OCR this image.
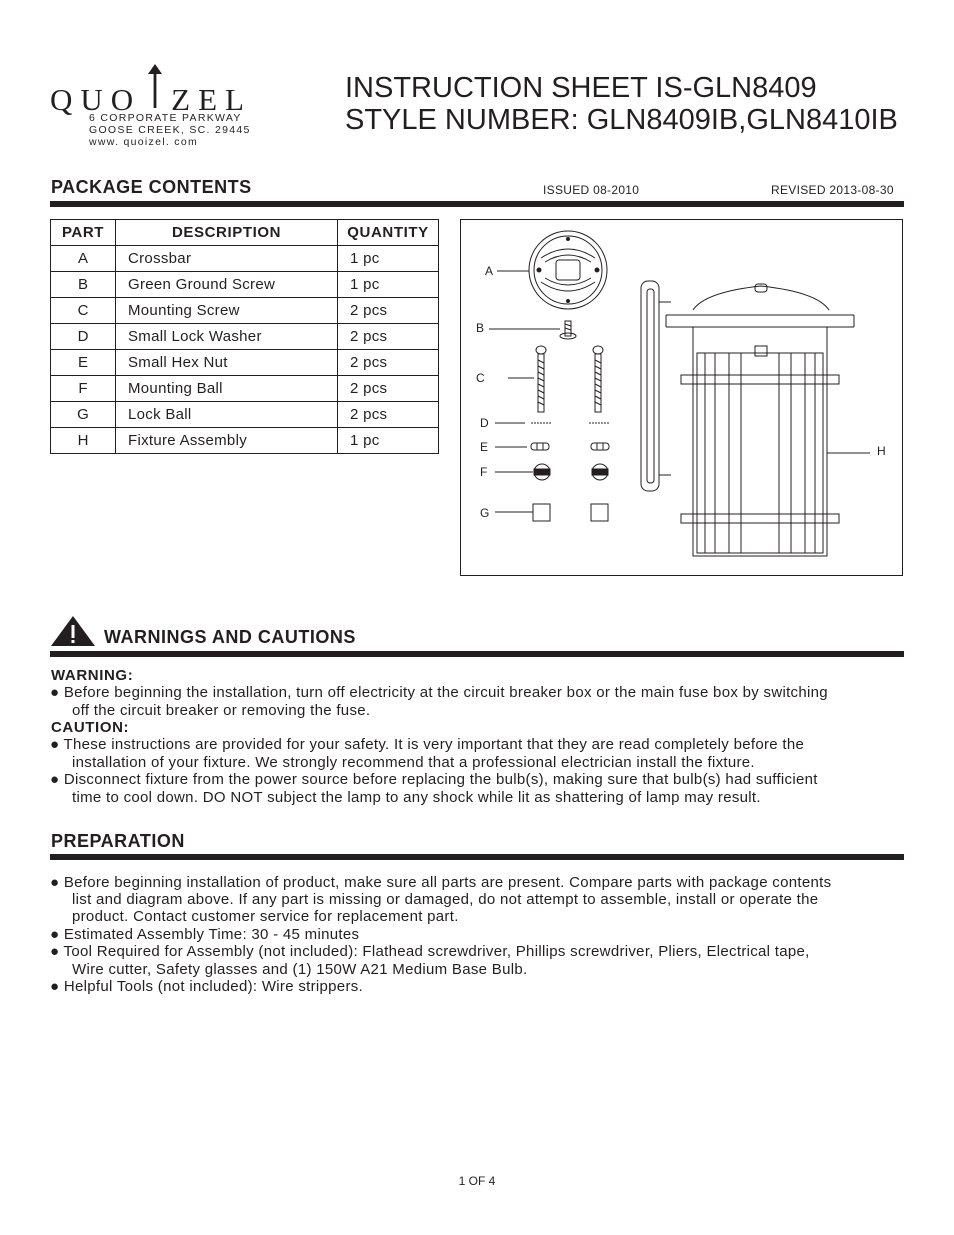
QUO ZEL
6 CORPORATE PARKWAY
GOOSE CREEK, SC. 29445
www. quoizel. com
INSTRUCTION SHEET IS-GLN8409
STYLE NUMBER: GLN8409IB,GLN8410IB
PACKAGE CONTENTS	ISSUED 08-2010	REVISED 2013-08-30
PART	DESCRIPTION	QUANTITY
A	Crossbar	1 pc
B	Green Ground Screw	1 pc
C	Mounting Screw	2 pcs
D	Small Lock Washer	2 pcs
E	Small Hex Nut	2 pcs
F	Mounting Ball	2 pcs
G	Lock Ball	2 pcs
H	Fixture Assembly	1 pc
A
B
C
D
E
F
G
H
WARNINGS AND CAUTIONS
WARNING:
● Before beginning the installation, turn off electricity at the circuit breaker box or the main fuse box by switching
off the circuit breaker or removing the fuse.
CAUTION:
● These instructions are provided for your safety. It is very important that they are read completely before the
installation of your fixture. We strongly recommend that a professional electrician install the fixture.
● Disconnect fixture from the power source before replacing the bulb(s), making sure that bulb(s) had sufficient
time to cool down. DO NOT subject the lamp to any shock while lit as shattering of lamp may result.
PREPARATION
● Before beginning installation of product, make sure all parts are present. Compare parts with package contents
list and diagram above. If any part is missing or damaged, do not attempt to assemble, install or operate the
product. Contact customer service for replacement part.
● Estimated Assembly Time: 30 - 45 minutes
● Tool Required for Assembly (not included): Flathead screwdriver, Phillips screwdriver, Pliers, Electrical tape,
Wire cutter, Safety glasses and (1) 150W A21 Medium Base Bulb.
● Helpful Tools (not included): Wire strippers.
1 OF 4
